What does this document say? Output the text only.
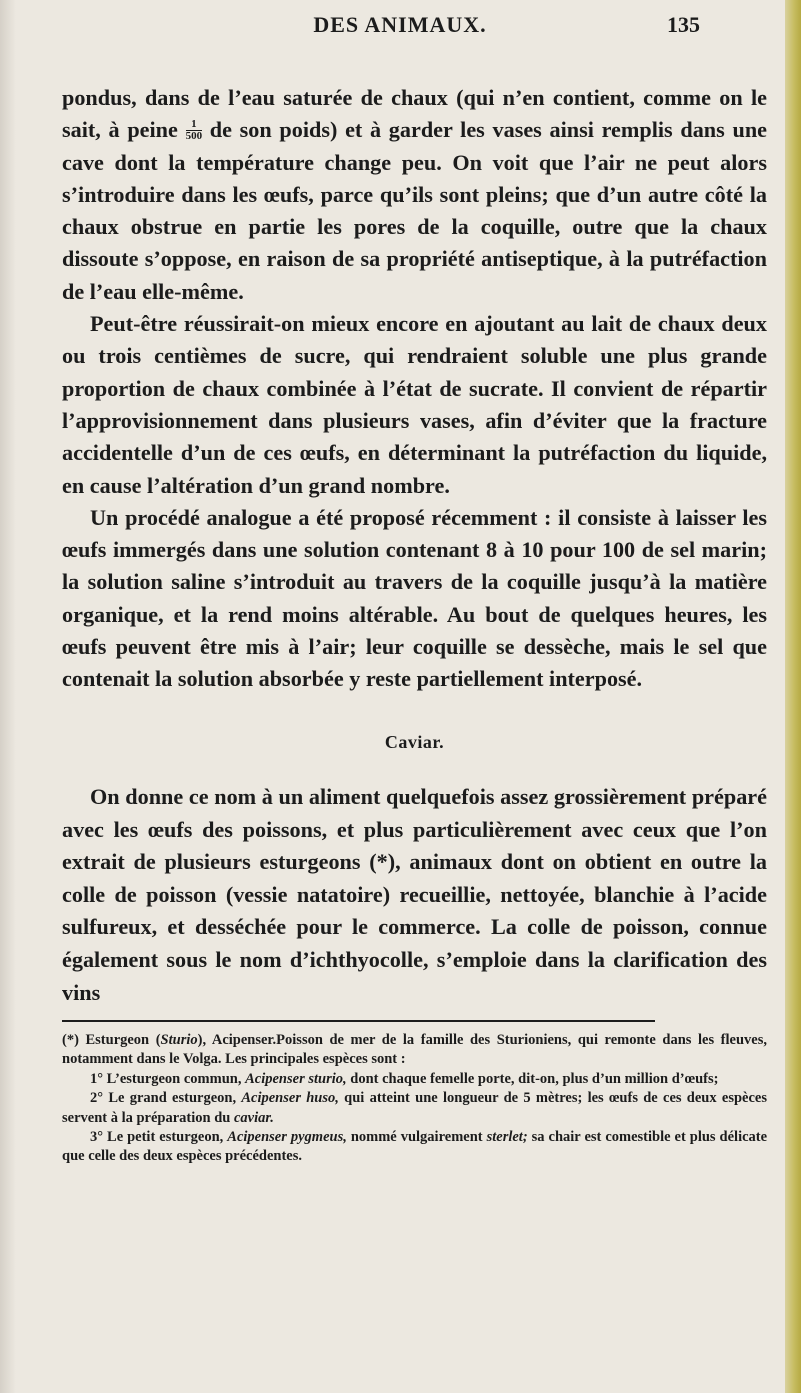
DES ANIMAUX.	135

pondus, dans de l’eau saturée de chaux (qui n’en contient, comme on le sait, à peine $\frac{1}{500}$ de son poids) et à garder les vases ainsi remplis dans une cave dont la température change peu. On voit que l’air ne peut alors s’introduire dans les œufs, parce qu’ils sont pleins; que d’un autre côté la chaux obstrue en partie les pores de la coquille, outre que la chaux dissoute s’oppose, en raison de sa propriété antiseptique, à la putréfaction de l’eau elle-même.

Peut-être réussirait-on mieux encore en ajoutant au lait de chaux deux ou trois centièmes de sucre, qui rendraient soluble une plus grande proportion de chaux combinée à l’état de sucrate. Il convient de répartir l’approvisionnement dans plusieurs vases, afin d’éviter que la fracture accidentelle d’un de ces œufs, en déterminant la putréfaction du liquide, en cause l’altération d’un grand nombre.

Un procédé analogue a été proposé récemment : il consiste à laisser les œufs immergés dans une solution contenant 8 à 10 pour 100 de sel marin; la solution saline s’introduit au travers de la coquille jusqu’à la matière organique, et la rend moins altérable. Au bout de quelques heures, les œufs peuvent être mis à l’air; leur coquille se dessèche, mais le sel que contenait la solution absorbée y reste partiellement interposé.

Caviar.

On donne ce nom à un aliment quelquefois assez grossièrement préparé avec les œufs des poissons, et plus particulièrement avec ceux que l’on extrait de plusieurs esturgeons (*), animaux dont on obtient en outre la colle de poisson (vessie natatoire) recueillie, nettoyée, blanchie à l’acide sulfureux, et desséchée pour le commerce. La colle de poisson, connue également sous le nom d’ichthyocolle, s’emploie dans la clarification des vins

(*) Esturgeon (Sturio), Acipenser.Poisson de mer de la famille des Sturioniens, qui remonte dans les fleuves, notamment dans le Volga. Les principales espèces sont :

1° L’esturgeon commun, Acipenser sturio, dont chaque femelle porte, dit-on, plus d’un million d’œufs;

2° Le grand esturgeon, Acipenser huso, qui atteint une longueur de 5 mètres; les œufs de ces deux espèces servent à la préparation du caviar.

3° Le petit esturgeon, Acipenser pygmeus, nommé vulgairement sterlet; sa chair est comestible et plus délicate que celle des deux espèces précédentes.
